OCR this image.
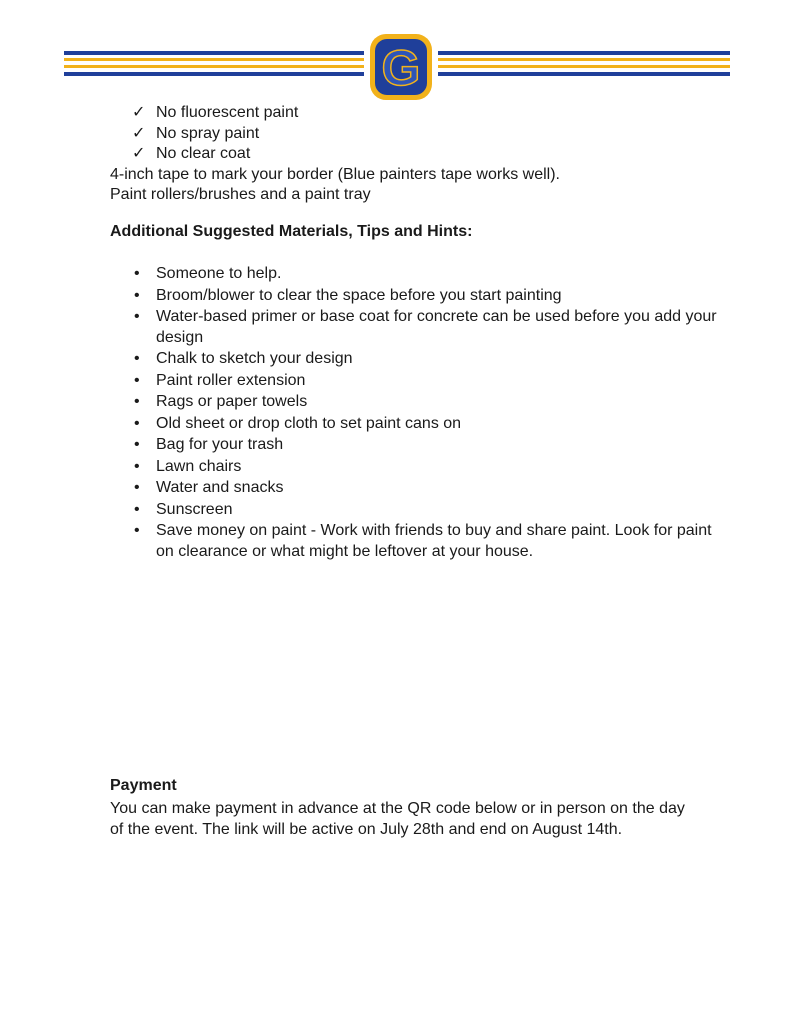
G
✓ No fluorescent paint
✓ No spray paint
✓ No clear coat
4-inch tape to mark your border (Blue painters tape works well).
Paint rollers/brushes and a paint tray
Additional Suggested Materials, Tips and Hints:
• Someone to help.
• Broom/blower to clear the space before you start painting
• Water-based primer or base coat for concrete can be used before you add your design
• Chalk to sketch your design
• Paint roller extension
• Rags or paper towels
• Old sheet or drop cloth to set paint cans on
• Bag for your trash
• Lawn chairs
• Water and snacks
• Sunscreen
• Save money on paint - Work with friends to buy and share paint. Look for paint on clearance or what might be leftover at your house.
Payment
You can make payment in advance at the QR code below or in person on the day of the event. The link will be active on July 28th and end on August 14th.
